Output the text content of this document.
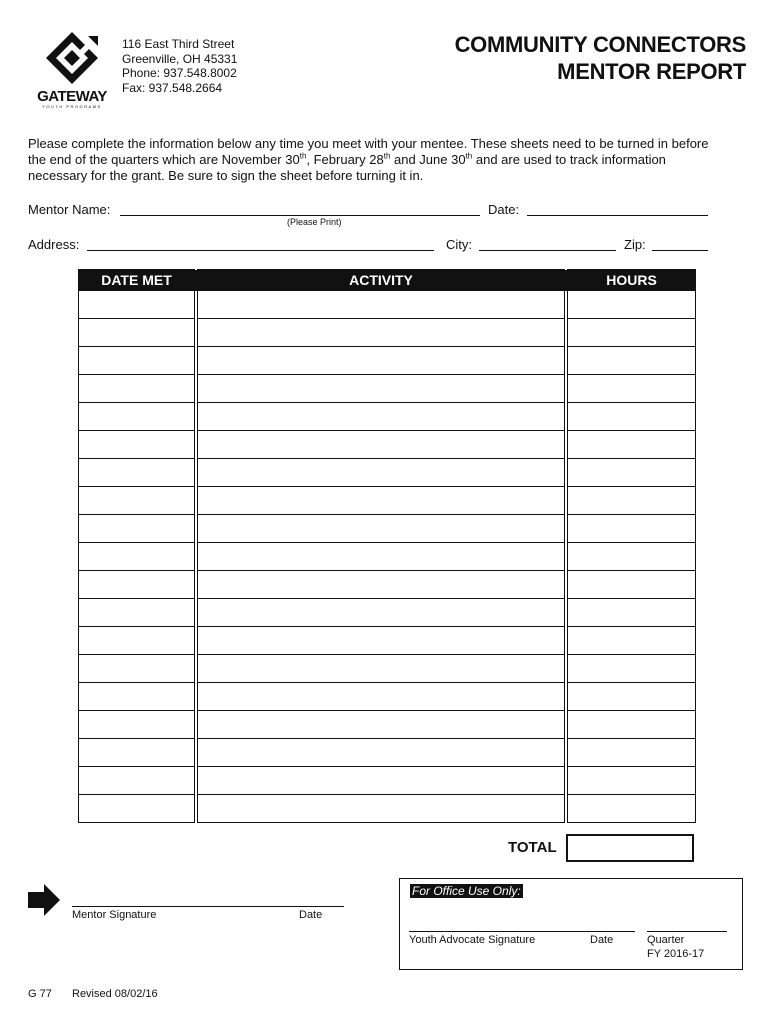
GATEWAY
YOUTH PROGRAMS
116 East Third Street
Greenville, OH 45331
Phone: 937.548.8002
Fax: 937.548.2664
COMMUNITY CONNECTORS
MENTOR REPORT
Please complete the information below any time you meet with your mentee. These sheets need to be turned in before the end of the quarters which are November 30th, February 28th and June 30th and are used to track information necessary for the grant. Be sure to sign the sheet before turning it in.
Mentor Name:
(Please Print)
Date:
Address:	City:	Zip:
DATE MET		ACTIVITY		HOURS

TOTAL
Mentor Signature	Date
For Office Use Only:
Youth Advocate Signature	Date	Quarter
FY 2016-17
G 77 Revised 08/02/16
